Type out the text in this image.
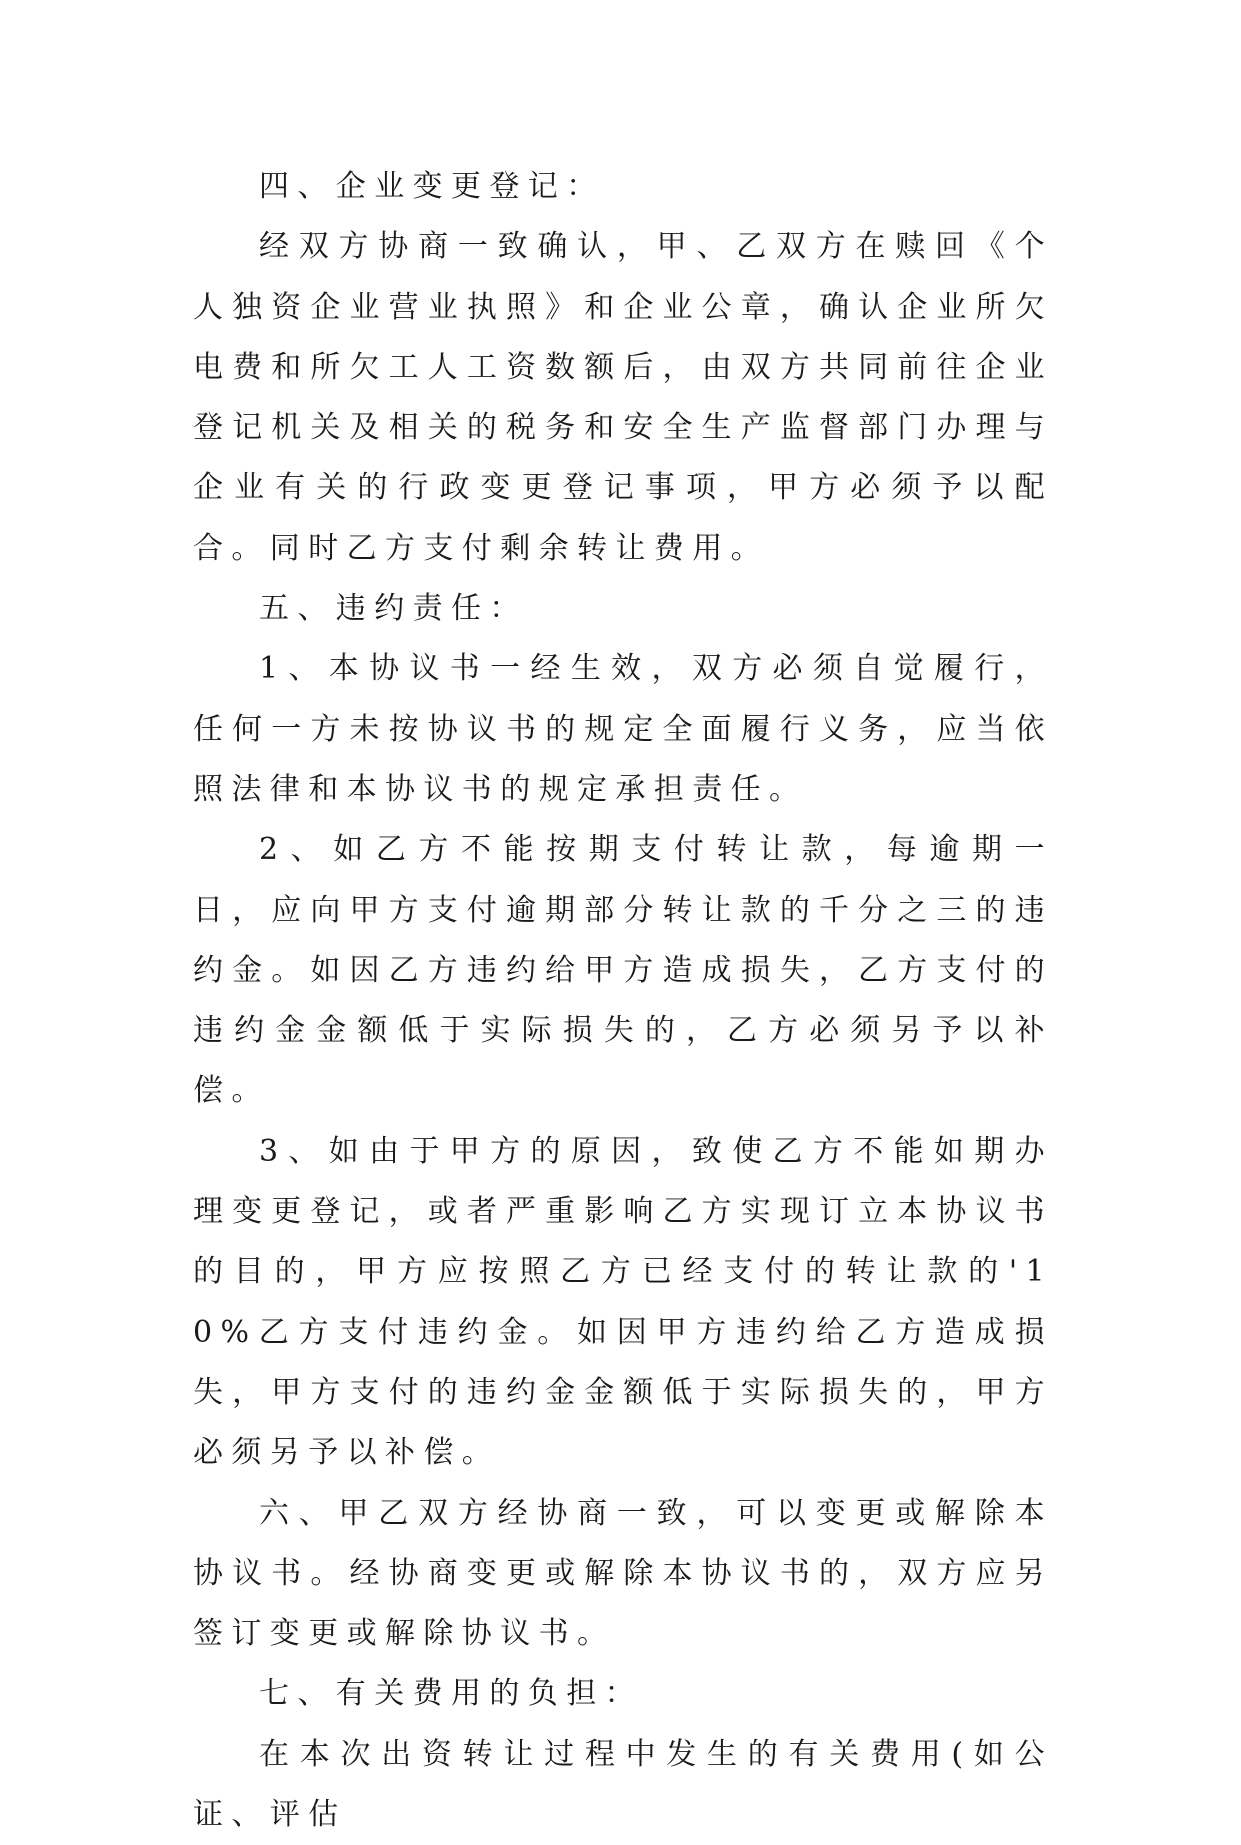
四、企业变更登记：

经双方协商一致确认，甲、乙双方在赎回《个人独资企业营业执照》和企业公章，确认企业所欠电费和所欠工人工资数额后，由双方共同前往企业登记机关及相关的税务和安全生产监督部门办理与企业有关的行政变更登记事项，甲方必须予以配合。同时乙方支付剩余转让费用。

五、违约责任：

1、本协议书一经生效，双方必须自觉履行，任何一方未按协议书的规定全面履行义务，应当依照法律和本协议书的规定承担责任。

2、如乙方不能按期支付转让款，每逾期一日，应向甲方支付逾期部分转让款的千分之三的违约金。如因乙方违约给甲方造成损失，乙方支付的违约金金额低于实际损失的，乙方必须另予以补偿。

3、如由于甲方的原因，致使乙方不能如期办理变更登记，或者严重影响乙方实现订立本协议书的目的，甲方应按照乙方已经支付的转让款的'10%乙方支付违约金。如因甲方违约给乙方造成损失，甲方支付的违约金金额低于实际损失的，甲方必须另予以补偿。

六、甲乙双方经协商一致，可以变更或解除本协议书。经协商变更或解除本协议书的，双方应另签订变更或解除协议书。

七、有关费用的负担：

在本次出资转让过程中发生的有关费用(如公证、评估
